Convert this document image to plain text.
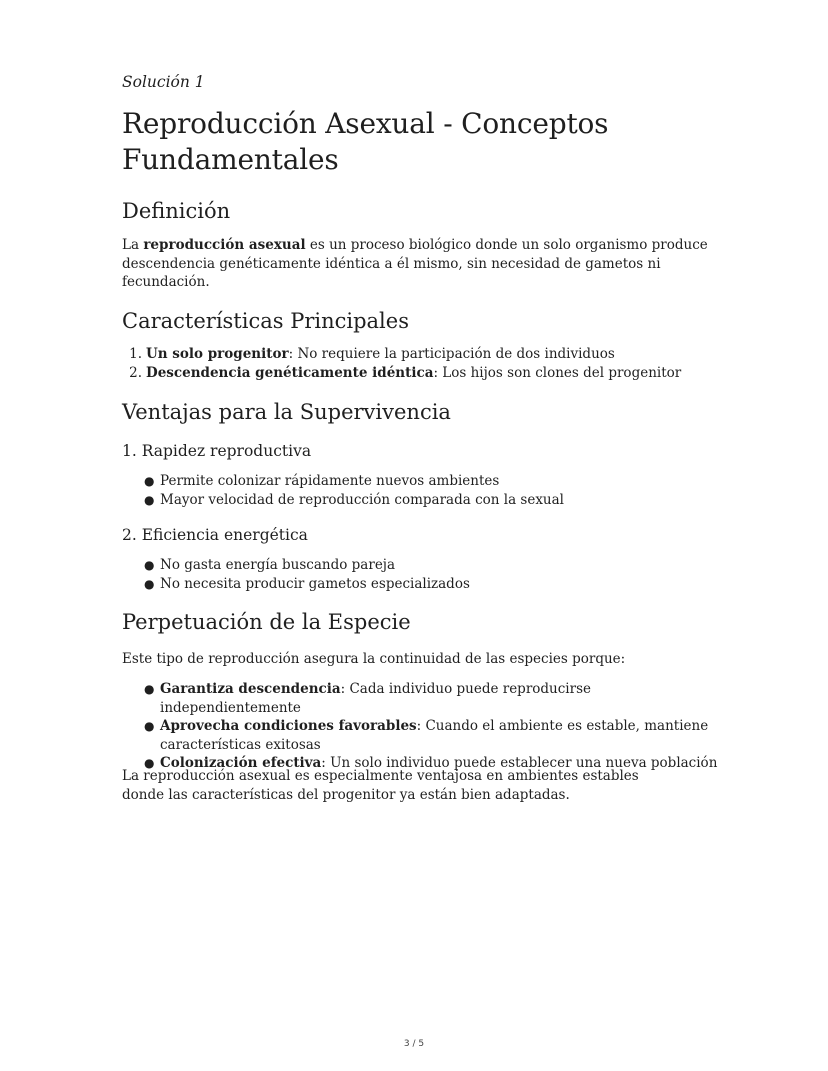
Solución 1
Reproducción Asexual - Conceptos Fundamentales
Definición

La reproducción asexual es un proceso biológico donde un solo organismo produce descendencia genéticamente idéntica a él mismo, sin necesidad de gametos ni fecundación.

Características Principales
1. Un solo progenitor: No requiere la participación de dos individuos
2. Descendencia genéticamente idéntica: Los hijos son clones del progenitor
Ventajas para la Supervivencia
1. Rapidez reproductiva
● Permite colonizar rápidamente nuevos ambientes
● Mayor velocidad de reproducción comparada con la sexual
2. Eficiencia energética
● No gasta energía buscando pareja
● No necesita producir gametos especializados
Perpetuación de la Especie

Este tipo de reproducción asegura la continuidad de las especies porque:

● Garantiza descendencia: Cada individuo puede reproducirse independientemente
● Aprovecha condiciones favorables: Cuando el ambiente es estable, mantiene características exitosas
● Colonización efectiva: Un solo individuo puede establecer una nueva población

La reproducción asexual es especialmente ventajosa en ambientes estables donde las características del progenitor ya están bien adaptadas.

3 / 5
